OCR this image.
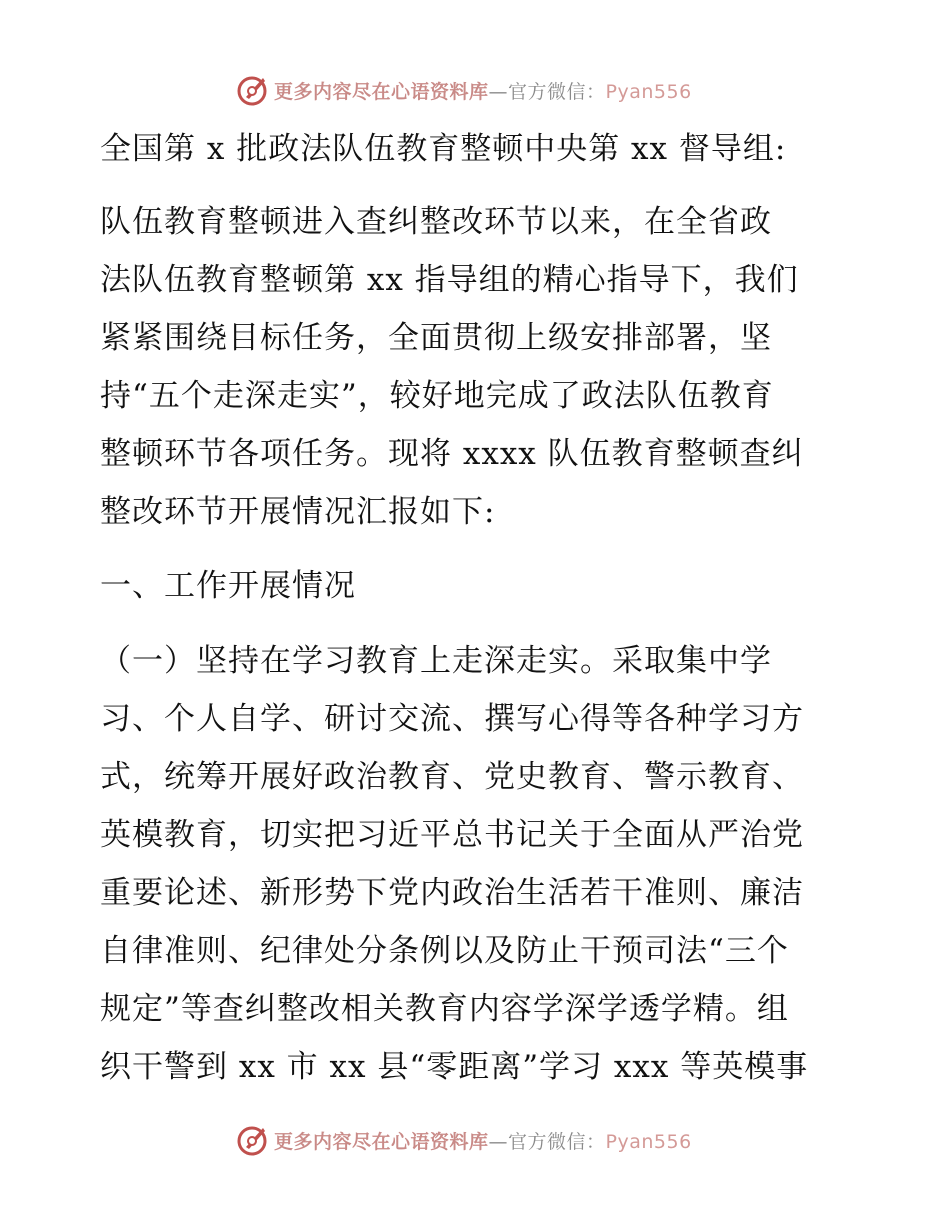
更多内容尽在心语资料库—官方微信：Pyan556
全国第 x 批政法队伍教育整顿中央第 xx 督导组:
队伍教育整顿进入查纠整改环节以来，在全省政
法队伍教育整顿第 xx 指导组的精心指导下，我们
紧紧围绕目标任务，全面贯彻上级安排部署，坚
持“五个走深走实”，较好地完成了政法队伍教育
整顿环节各项任务。现将 xxxx 队伍教育整顿查纠
整改环节开展情况汇报如下:
一、工作开展情况
（一）坚持在学习教育上走深走实。采取集中学
习、个人自学、研讨交流、撰写心得等各种学习方
式，统筹开展好政治教育、党史教育、警示教育、
英模教育，切实把习近平总书记关于全面从严治党
重要论述、新形势下党内政治生活若干准则、廉洁
自律准则、纪律处分条例以及防止干预司法“三个
规定”等查纠整改相关教育内容学深学透学精。组
织干警到 xx 市 xx 县“零距离”学习 xxx 等英模事
更多内容尽在心语资料库—官方微信：Pyan556
